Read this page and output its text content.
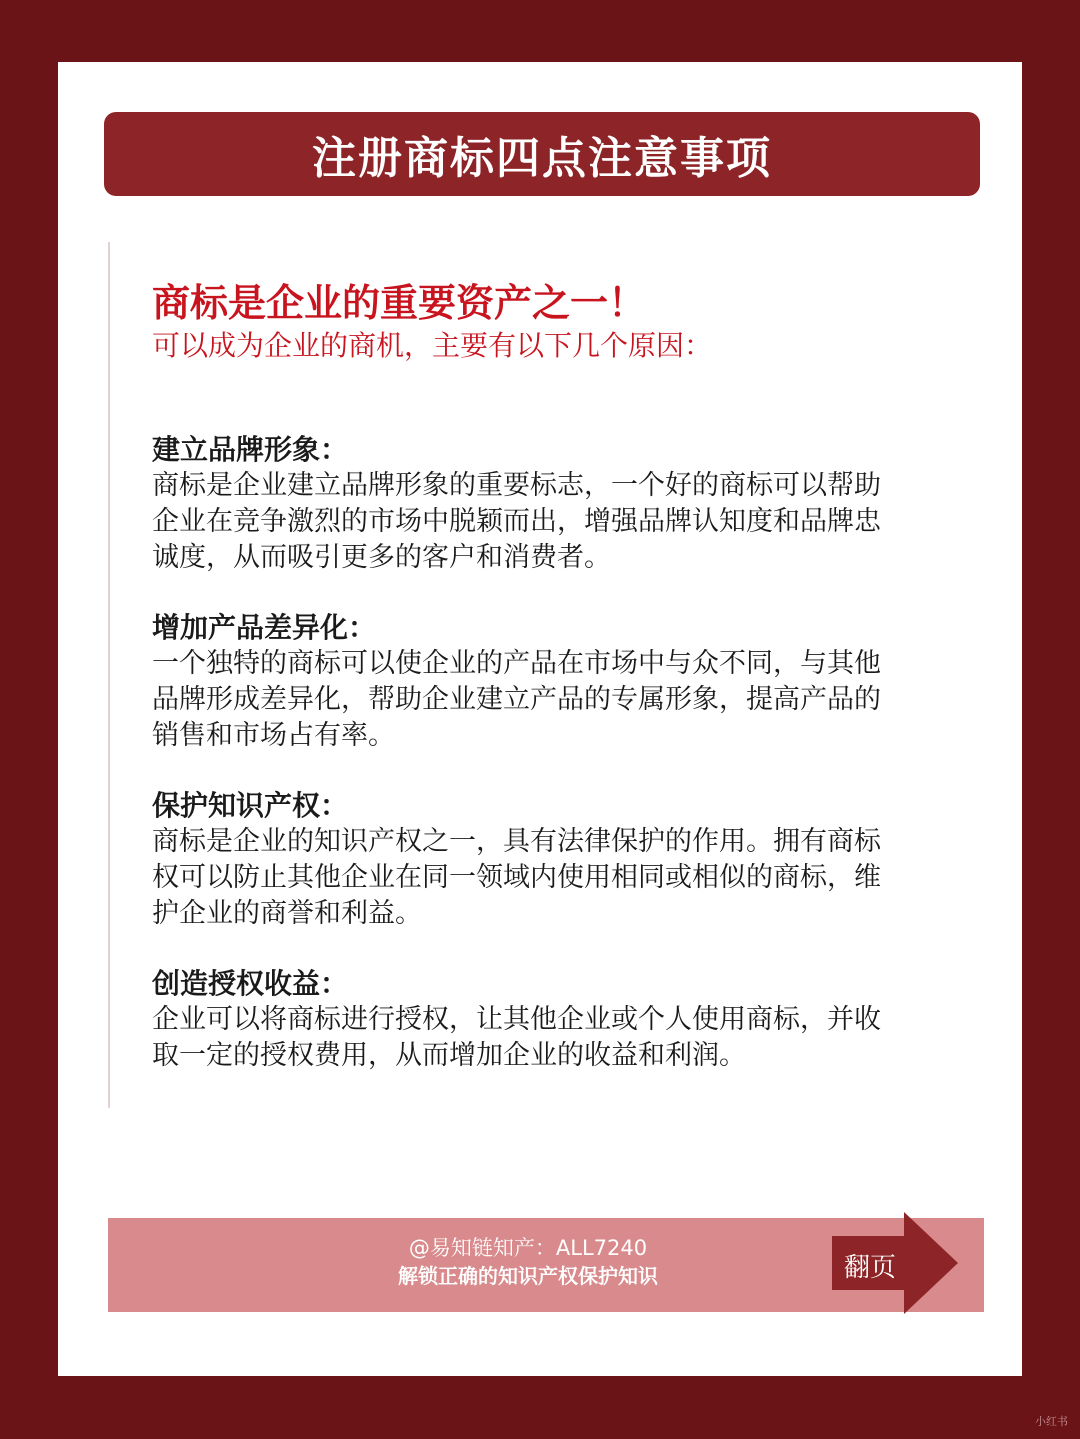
注册商标四点注意事项
商标是企业的重要资产之一！
可以成为企业的商机，主要有以下几个原因：
建立品牌形象：
商标是企业建立品牌形象的重要标志，一个好的商标可以帮助
企业在竞争激烈的市场中脱颖而出，增强品牌认知度和品牌忠
诚度，从而吸引更多的客户和消费者。
增加产品差异化：
一个独特的商标可以使企业的产品在市场中与众不同，与其他
品牌形成差异化，帮助企业建立产品的专属形象，提高产品的
销售和市场占有率。
保护知识产权：
商标是企业的知识产权之一，具有法律保护的作用。拥有商标
权可以防止其他企业在同一领域内使用相同或相似的商标，维
护企业的商誉和利益。
创造授权收益：
企业可以将商标进行授权，让其他企业或个人使用商标，并收
取一定的授权费用，从而增加企业的收益和利润。
@易知链知产：ALL7240
解锁正确的知识产权保护知识	翻页
小红书
